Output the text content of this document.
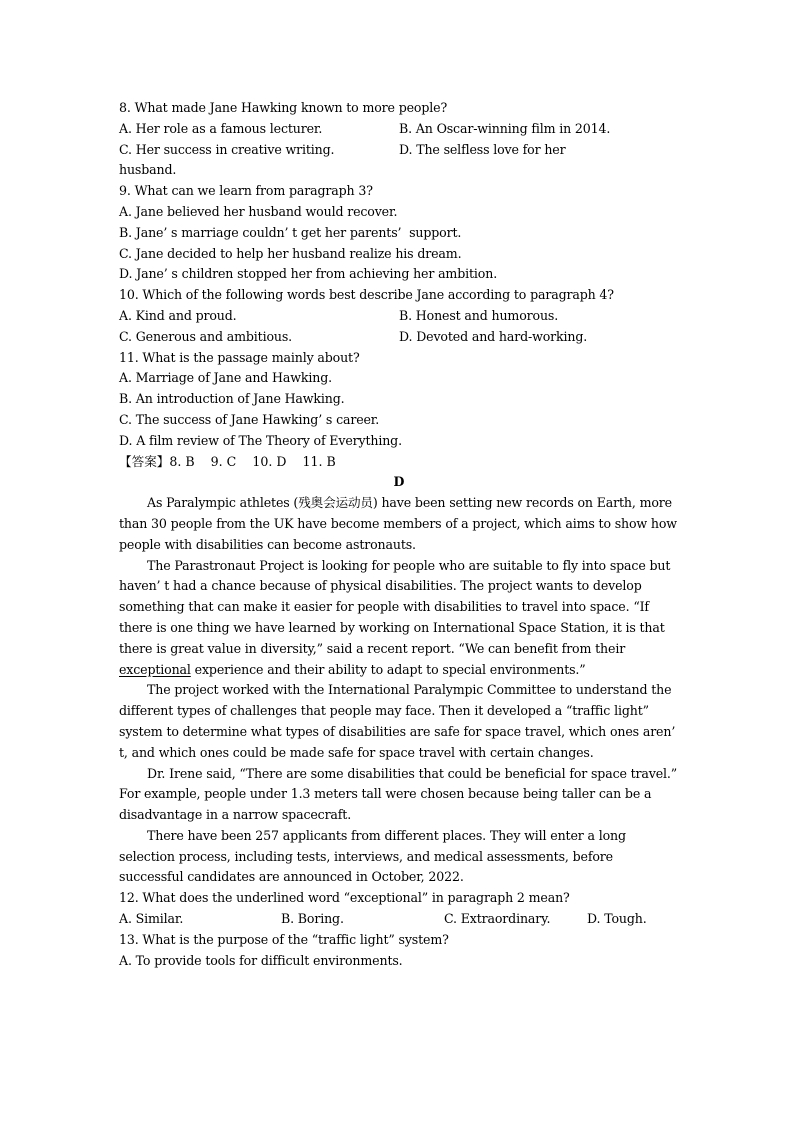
8. What made Jane Hawking known to more people?
A. Her role as a famous lecturer.	B. An Oscar-winning film in 2014.
C. Her success in creative writing.	D. The selfless love for her
husband.
9. What can we learn from paragraph 3?
A. Jane believed her husband would recover.
B. Jane’ s marriage couldn’ t get her parents’  support.
C. Jane decided to help her husband realize his dream.
D. Jane’ s children stopped her from achieving her ambition.
10. Which of the following words best describe Jane according to paragraph 4?
A. Kind and proud.	B. Honest and humorous.
C. Generous and ambitious.	D. Devoted and hard-working.
11. What is the passage mainly about?
A. Marriage of Jane and Hawking.
B. An introduction of Jane Hawking.
C. The success of Jane Hawking’ s career.
D. A film review of The Theory of Everything.
【答案】8. B    9. C    10. D    11. B
D
As Paralympic athletes (残奥会运动员) have been setting new records on Earth, more than 30 people from the UK have become members of a project, which aims to show how people with disabilities can become astronauts.
The Parastronaut Project is looking for people who are suitable to fly into space but haven’ t had a chance because of physical disabilities. The project wants to develop something that can make it easier for people with disabilities to travel into space. “If there is one thing we have learned by working on International Space Station, it is that there is great value in diversity,” said a recent report. “We can benefit from their exceptional experience and their ability to adapt to special environments.”
The project worked with the International Paralympic Committee to understand the different types of challenges that people may face. Then it developed a “traffic light” system to determine what types of disabilities are safe for space travel, which ones aren’ t, and which ones could be made safe for space travel with certain changes.
Dr. Irene said, “There are some disabilities that could be beneficial for space travel.” For example, people under 1.3 meters tall were chosen because being taller can be a disadvantage in a narrow spacecraft.
There have been 257 applicants from different places. They will enter a long selection process, including tests, interviews, and medical assessments, before successful candidates are announced in October, 2022.
12. What does the underlined word “exceptional” in paragraph 2 mean?
A. Similar.	B. Boring.	C. Extraordinary.	D. Tough.
13. What is the purpose of the “traffic light” system?
A. To provide tools for difficult environments.
